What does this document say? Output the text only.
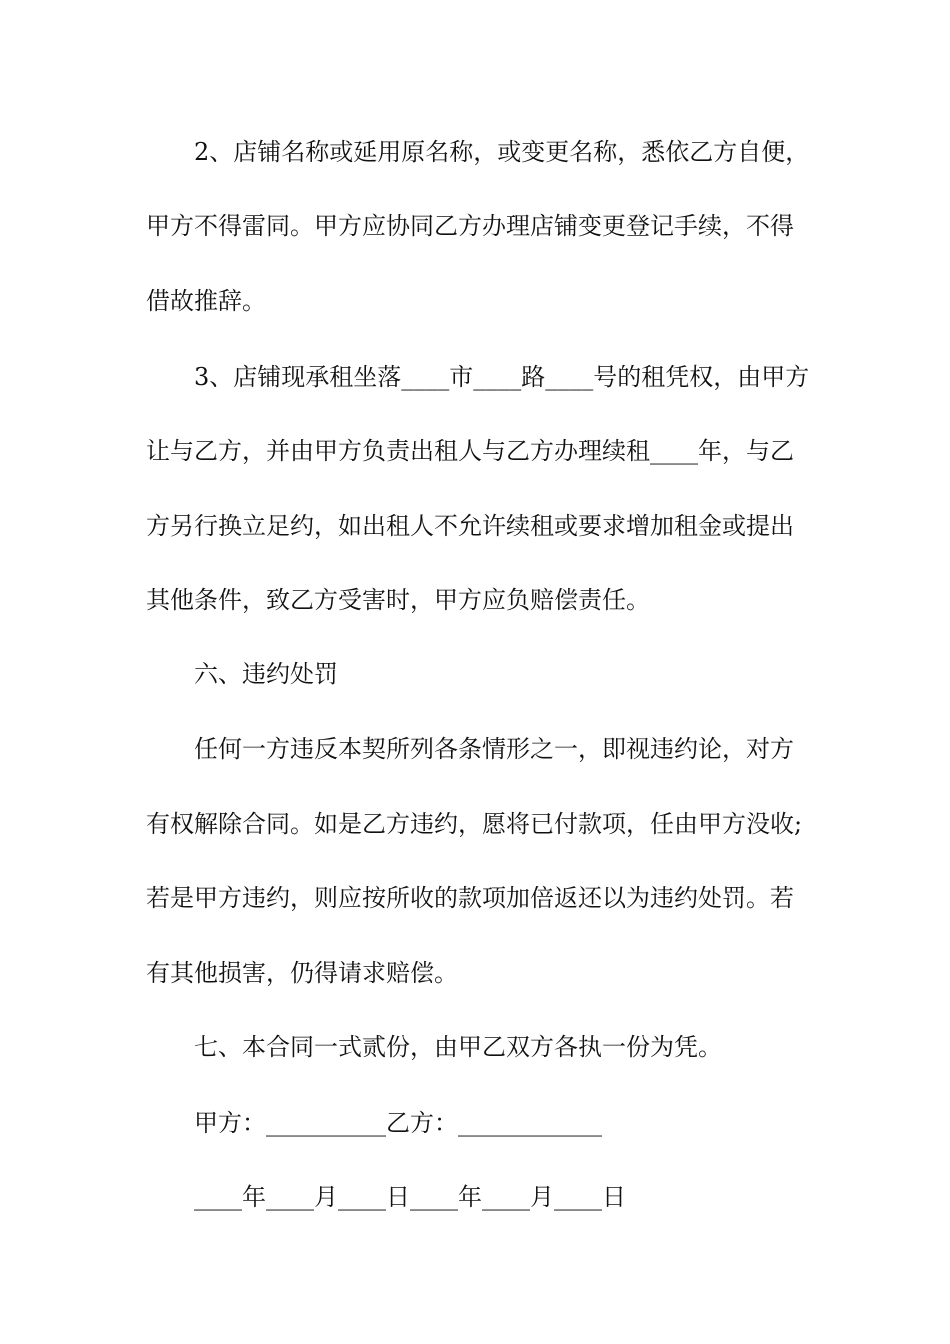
2、店铺名称或延用原名称，或变更名称，悉依乙方自便，
甲方不得雷同。甲方应协同乙方办理店铺变更登记手续，不得
借故推辞。
3、店铺现承租坐落____市____路____号的租凭权，由甲方
让与乙方，并由甲方负责出租人与乙方办理续租____年，与乙
方另行换立足约，如出租人不允许续租或要求增加租金或提出
其他条件，致乙方受害时，甲方应负赔偿责任。
六、违约处罚
任何一方违反本契所列各条情形之一，即视违约论，对方
有权解除合同。如是乙方违约，愿将已付款项，任由甲方没收;
若是甲方违约，则应按所收的款项加倍返还以为违约处罚。若
有其他损害，仍得请求赔偿。
七、本合同一式贰份，由甲乙双方各执一份为凭。
甲方：__________乙方：____________
____年____月____日____年____月____日
